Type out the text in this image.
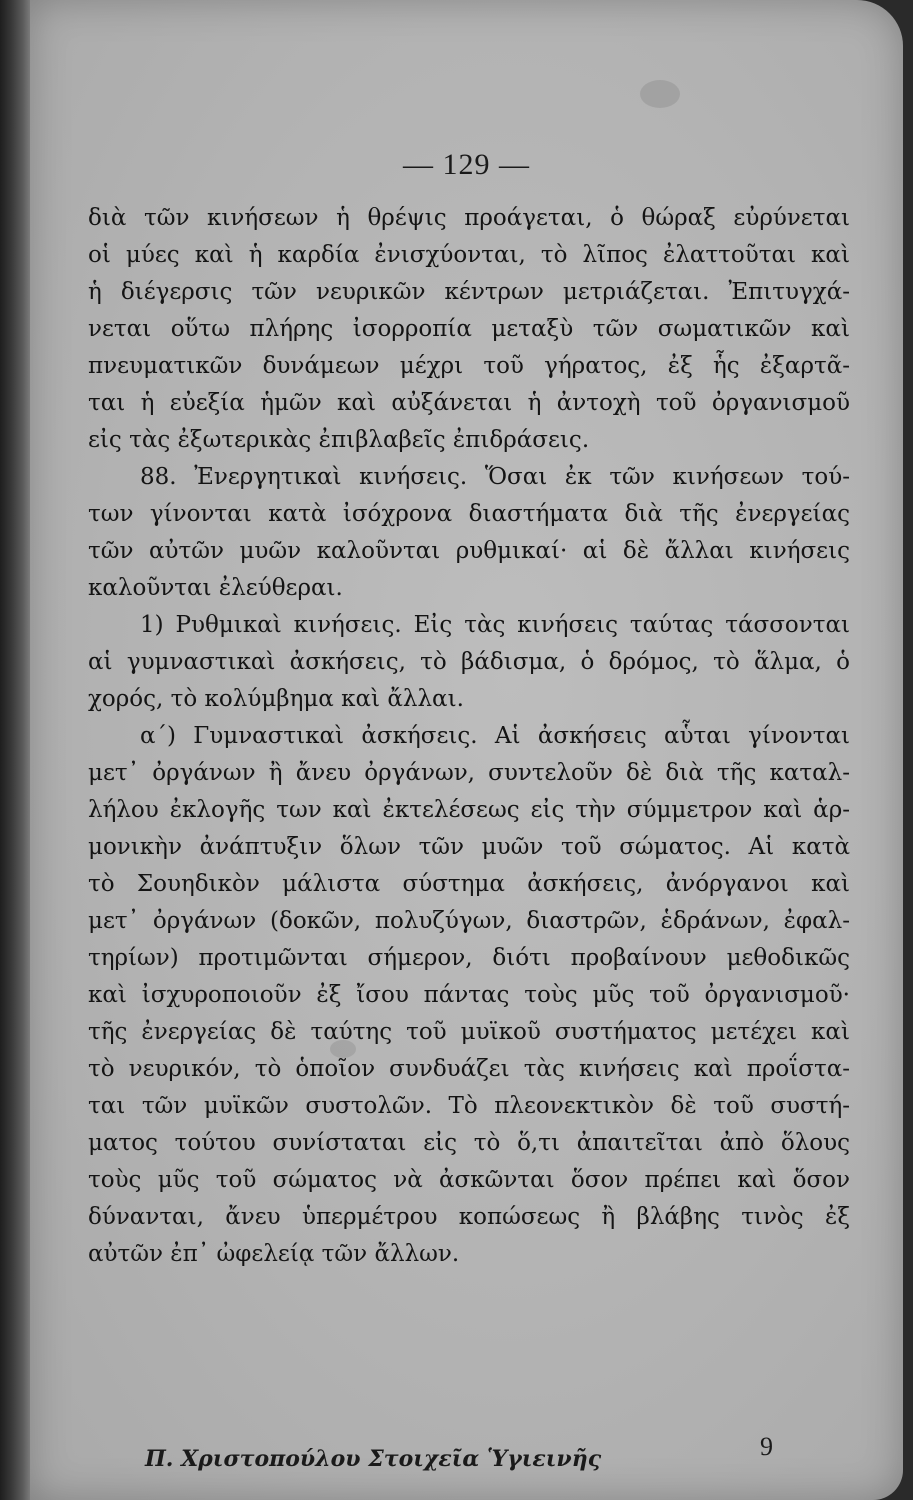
— 129 —
διὰ τῶν κινήσεων ἡ θρέψις προάγεται, ὁ θώραξ εὐρύνεται
οἱ μύες καὶ ἡ καρδία ἐνισχύονται, τὸ λῖπος ἐλαττοῦται καὶ
ἡ διέγερσις τῶν νευρικῶν κέντρων μετριάζεται. Ἐπιτυγχά-
νεται οὕτω πλήρης ἰσορροπία μεταξὺ τῶν σωματικῶν καὶ
πνευματικῶν δυνάμεων μέχρι τοῦ γήρατος, ἐξ ἧς ἐξαρτᾶ-
ται ἡ εὐεξία ἡμῶν καὶ αὐξάνεται ἡ ἀντοχὴ τοῦ ὀργανισμοῦ
εἰς τὰς ἐξωτερικὰς ἐπιβλαβεῖς ἐπιδράσεις.
88. Ἐνεργητικαὶ κινήσεις. Ὅσαι ἐκ τῶν κινήσεων τού-
των γίνονται κατὰ ἰσόχρονα διαστήματα διὰ τῆς ἐνεργείας
τῶν αὐτῶν μυῶν καλοῦνται ρυθμικαί· αἱ δὲ ἄλλαι κινήσεις
καλοῦνται ἐλεύθεραι.
1) Ρυθμικαὶ κινήσεις. Εἰς τὰς κινήσεις ταύτας τάσσονται
αἱ γυμναστικαὶ ἀσκήσεις, τὸ βάδισμα, ὁ δρόμος, τὸ ἅλμα, ὁ
χορός, τὸ κολύμβημα καὶ ἄλλαι.
α΄) Γυμναστικαὶ ἀσκήσεις. Αἱ ἀσκήσεις αὗται γίνονται
μετ᾽ ὀργάνων ἢ ἄνευ ὀργάνων, συντελοῦν δὲ διὰ τῆς καταλ-
λήλου ἐκλογῆς των καὶ ἐκτελέσεως εἰς τὴν σύμμετρον καὶ ἁρ-
μονικὴν ἀνάπτυξιν ὅλων τῶν μυῶν τοῦ σώματος. Αἱ κατὰ
τὸ Σουηδικὸν μάλιστα σύστημα ἀσκήσεις, ἀνόργανοι καὶ
μετ᾽ ὀργάνων (δοκῶν, πολυζύγων, διαστρῶν, ἑδράνων, ἐφαλ-
τηρίων) προτιμῶνται σήμερον, διότι προβαίνουν μεθοδικῶς
καὶ ἰσχυροποιοῦν ἐξ ἴσου πάντας τοὺς μῦς τοῦ ὀργανισμοῦ·
τῆς ἐνεργείας δὲ ταύτης τοῦ μυϊκοῦ συστήματος μετέχει καὶ
τὸ νευρικόν, τὸ ὁποῖον συνδυάζει τὰς κινήσεις καὶ προΐστα-
ται τῶν μυϊκῶν συστολῶν. Τὸ πλεονεκτικὸν δὲ τοῦ συστή-
ματος τούτου συνίσταται εἰς τὸ ὅ,τι ἀπαιτεῖται ἀπὸ ὅλους
τοὺς μῦς τοῦ σώματος νὰ ἀσκῶνται ὅσον πρέπει καὶ ὅσον
δύνανται, ἄνευ ὑπερμέτρου κοπώσεως ἢ βλάβης τινὸς ἐξ
αὐτῶν ἐπ᾽ ὠφελείᾳ τῶν ἄλλων.
9
Π. Χριστοπούλου Στοιχεῖα Ὑγιεινῆς
